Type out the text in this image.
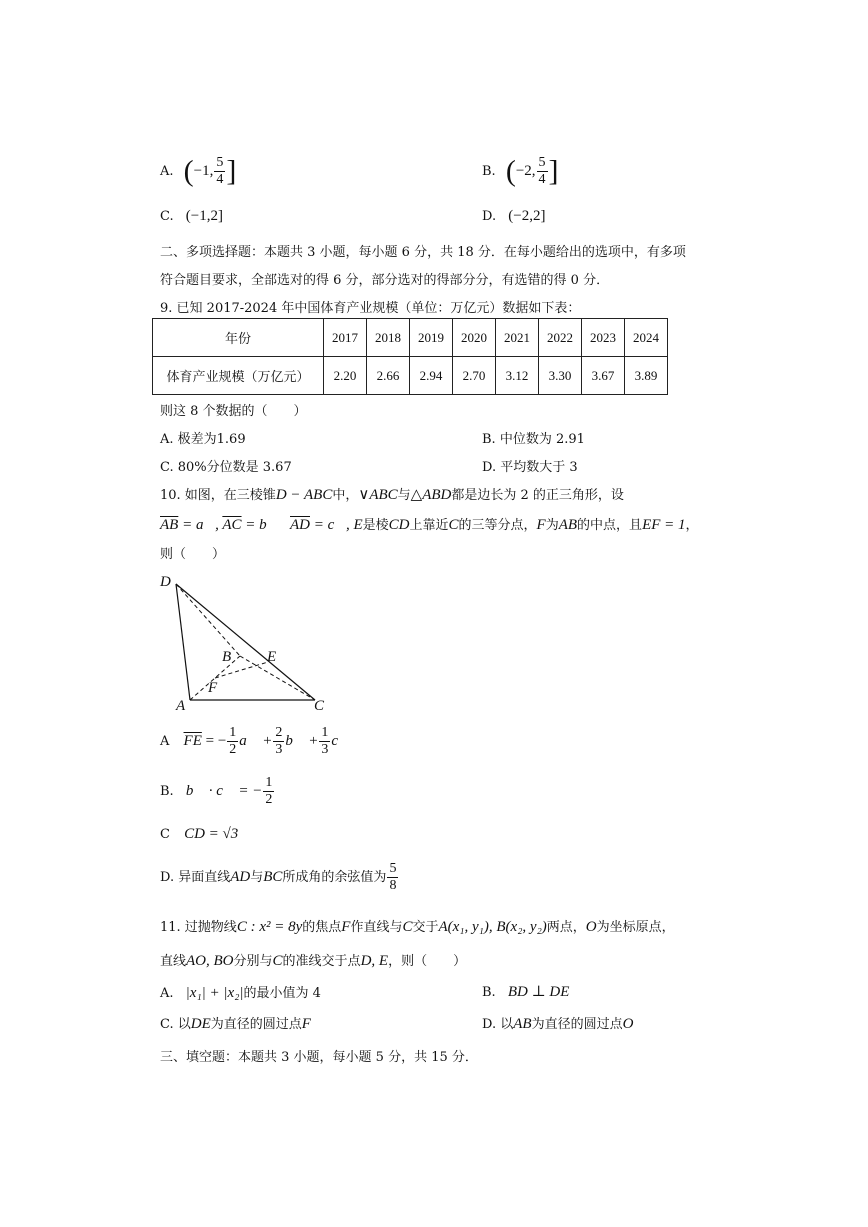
A. (−1, $\frac{5}{4}$ ]	B. (−2, $\frac{5}{4}$ ]
C. (−1,2]	D. (−2,2]
二、多项选择题：本题共 3 小题，每小题 6 分，共 18 分．在每小题给出的选项中，有多项
符合题目要求，全部选对的得 6 分，部分选对的得部分分，有选错的得 0 分．
9. 已知 2017-2024 年中国体育产业规模（单位：万亿元）数据如下表：
年份	2017	2018	2019	2020	2021	2022	2023	2024
体育产业规模（万亿元）	2.20	2.66	2.94	2.70	3.12	3.30	3.67	3.89
则这 8 个数据的（　　）
A. 极差为1.69	B. 中位数为 2.91
C. 80%分位数是 3.67	D. 平均数大于 3
10. 如图，在三棱锥D − ABC中，∨ABC与△ABD都是边长为 2 的正三角形，设
$\overline{AB}$ = a⃗, $\overline{AC}$ = b⃗，$\overline{AD}$ = c⃗, E是棱CD上靠近C的三等分点，F为AB的中点，且EF = 1，
则（　　）
D
B E
F
A	C
A $\overline{FE}$ = − $\frac{1}{2}$ a⃗ + $\frac{2}{3}$ b⃗ + $\frac{1}{3}$ c⃗
B. b⃗ · c⃗ = − $\frac{1}{2}$
C CD = √3
D. 异面直线AD与BC所成角的余弦值为 $\frac{5}{8}$
11. 过抛物线C : x² = 8y的焦点F作直线与C交于A(x₁, y₁), B(x₂, y₂)两点，O为坐标原点，
直线AO, BO分别与C的准线交于点D, E，则（　　）
A. |x₁| + |x₂|的最小值为 4	B. BD ⊥ DE
C. 以DE为直径的圆过点F	D. 以AB为直径的圆过点O
三、填空题：本题共 3 小题，每小题 5 分，共 15 分．
